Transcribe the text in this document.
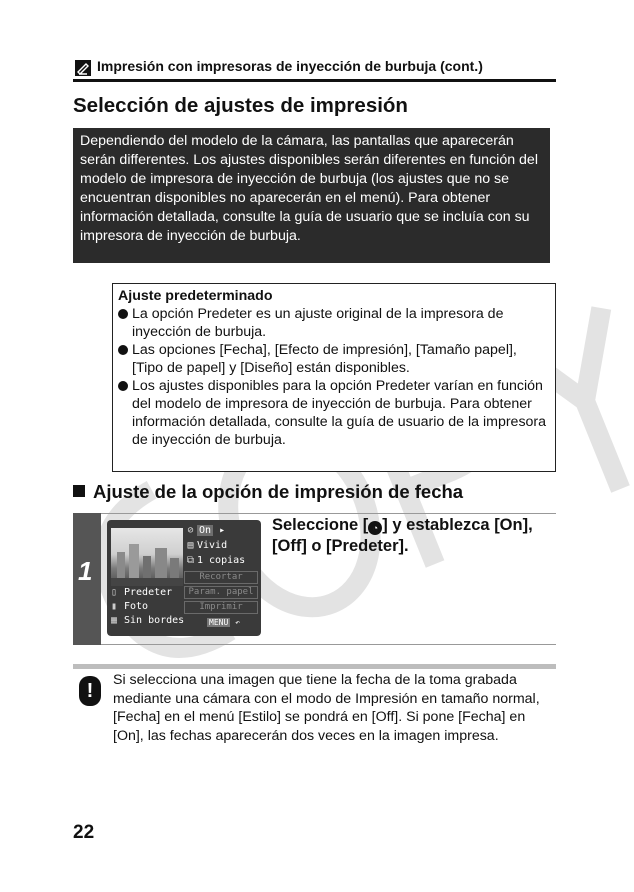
Impresión con impresoras de inyección de burbuja (cont.)
Selección de ajustes de impresión
Dependiendo del modelo de la cámara, las pantallas que aparecerán serán differentes. Los ajustes disponibles serán diferentes en función del modelo de impresora de inyección de burbuja (los ajustes que no se encuentran disponibles no aparecerán en el menú). Para obtener información detallada, consulte la guía de usuario que se incluía con su impresora de inyección de burbuja.
Ajuste predeterminado
La opción Predeter es un ajuste original de la impresora de inyección de burbuja.
Las opciones [Fecha], [Efecto de impresión], [Tamaño papel], [Tipo de papel] y [Diseño] están disponibles.
Los ajustes disponibles para la opción Predeter varían en función del modelo de impresora de inyección de burbuja. Para obtener información detallada, consulte la guía de usuario de la impresora de inyección de burbuja.
Ajuste de la opción de impresión de fecha
1
⊘ On ▸
▤ Vivid
⧉ 1 copias
Recortar
Param. papel
Imprimir
▯ Predeter
▮ Foto
▦ Sin bordes	MENU ↶
Seleccione [ ◔ ] y establezca [On], [Off] o [Predeter].
!	Si selecciona una imagen que tiene la fecha de la toma grabada mediante una cámara con el modo de Impresión en tamaño normal, [Fecha] en el menú [Estilo] se pondrá en [Off]. Si pone [Fecha] en [On], las fechas aparecerán dos veces en la imagen impresa.
22
